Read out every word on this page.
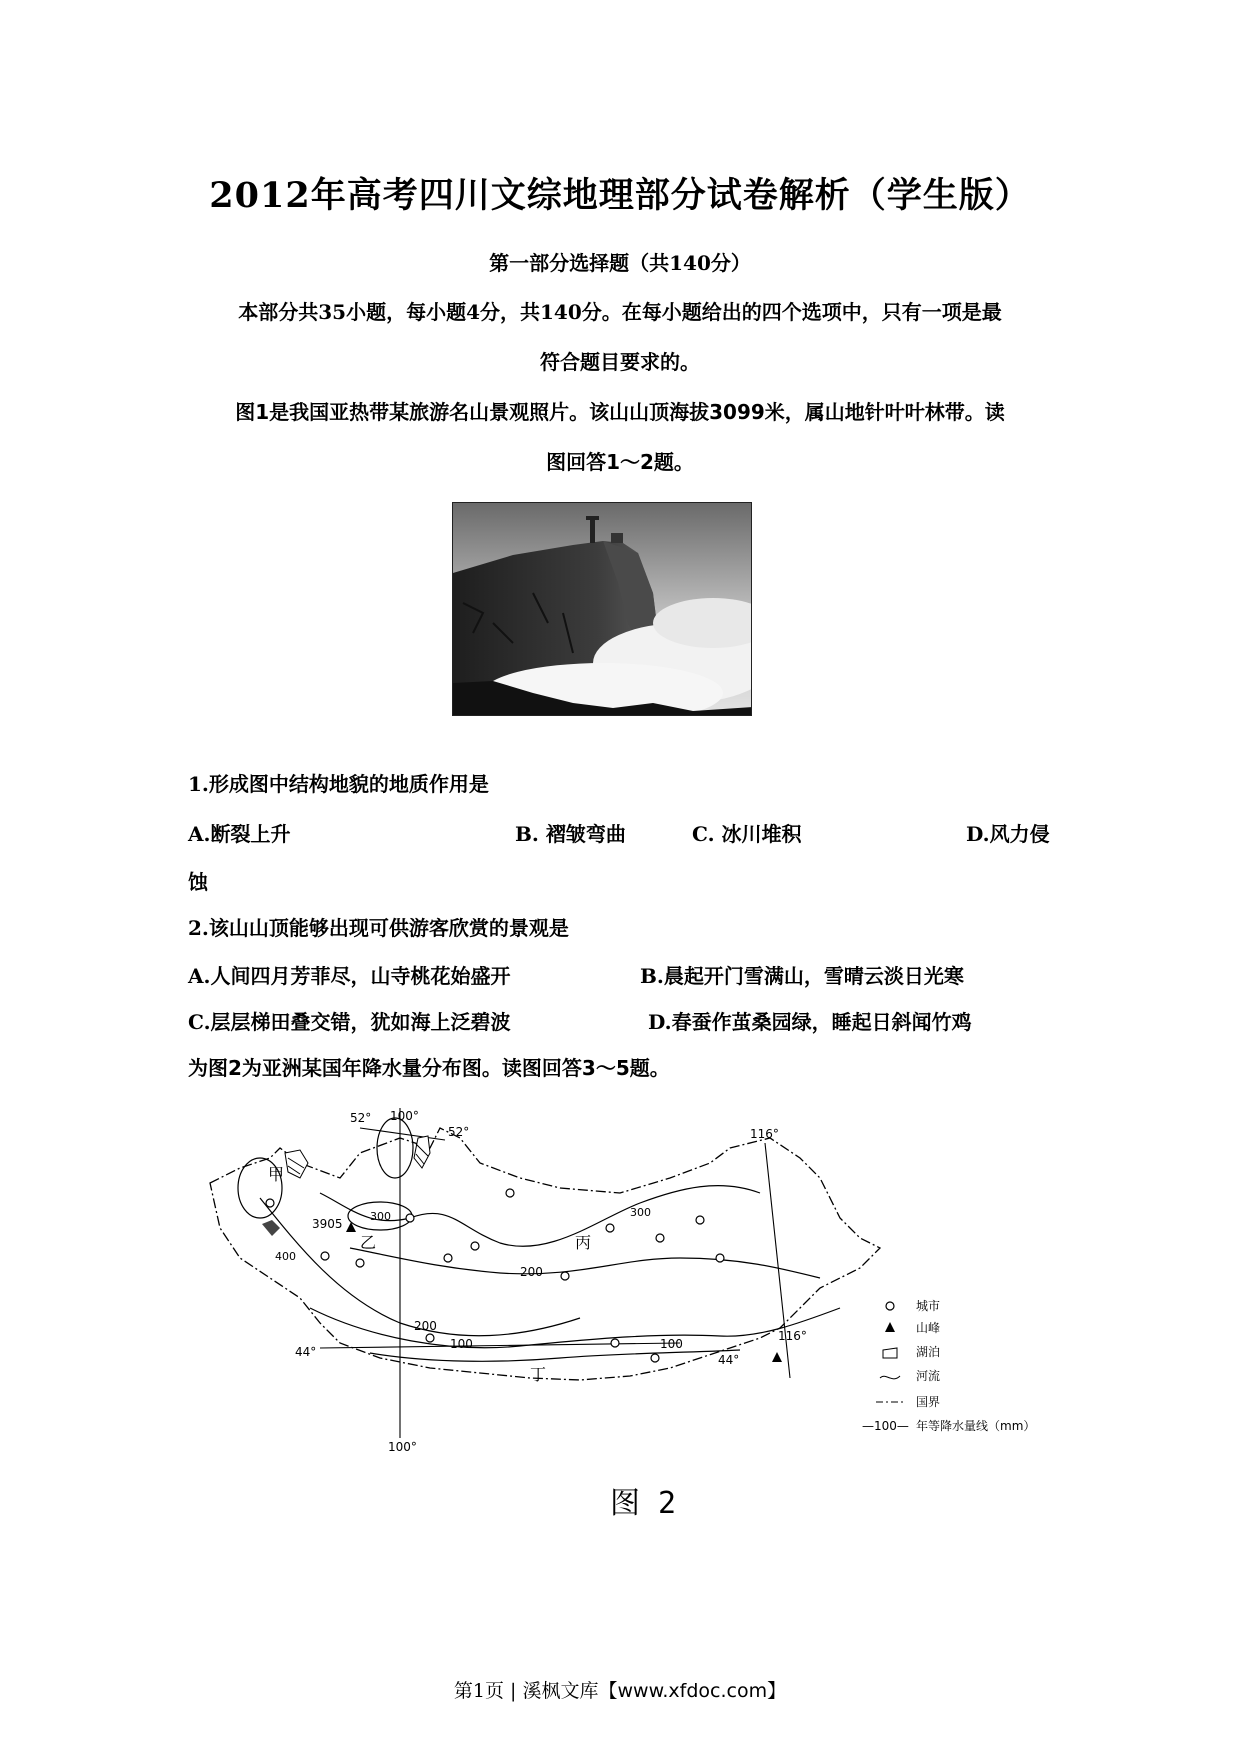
2012年高考四川文综地理部分试卷解析（学生版）
第一部分选择题（共140分）
本部分共35小题，每小题4分，共140分。在每小题给出的四个选项中，只有一项是最
符合题目要求的。
图1是我国亚热带某旅游名山景观照片。该山山顶海拔3099米，属山地针叶叶林带。读
图回答1～2题。
1.形成图中结构地貌的地质作用是
A.断裂上升	B. 褶皱弯曲	C. 冰川堆积	D.风力侵
蚀
2.该山山顶能够出现可供游客欣赏的景观是
A.人间四月芳菲尽，山寺桃花始盛开	B.晨起开门雪满山，雪晴云淡日光寒
C.层层梯田叠交错，犹如海上泛碧波	D.春蚕作茧桑园绿，睡起日斜闻竹鸡
为图2为亚洲某国年降水量分布图。读图回答3～5题。
100°
52°
52°	116°
116°
44°
44°
100°
300
200
200
100	100
300
400
3905
甲
乙	丙
丁
城市
山峰
湖泊
河流
国界
—100— 年等降水量线（mm）
图 2
第1页 | 溪枫文库【www.xfdoc.com】
